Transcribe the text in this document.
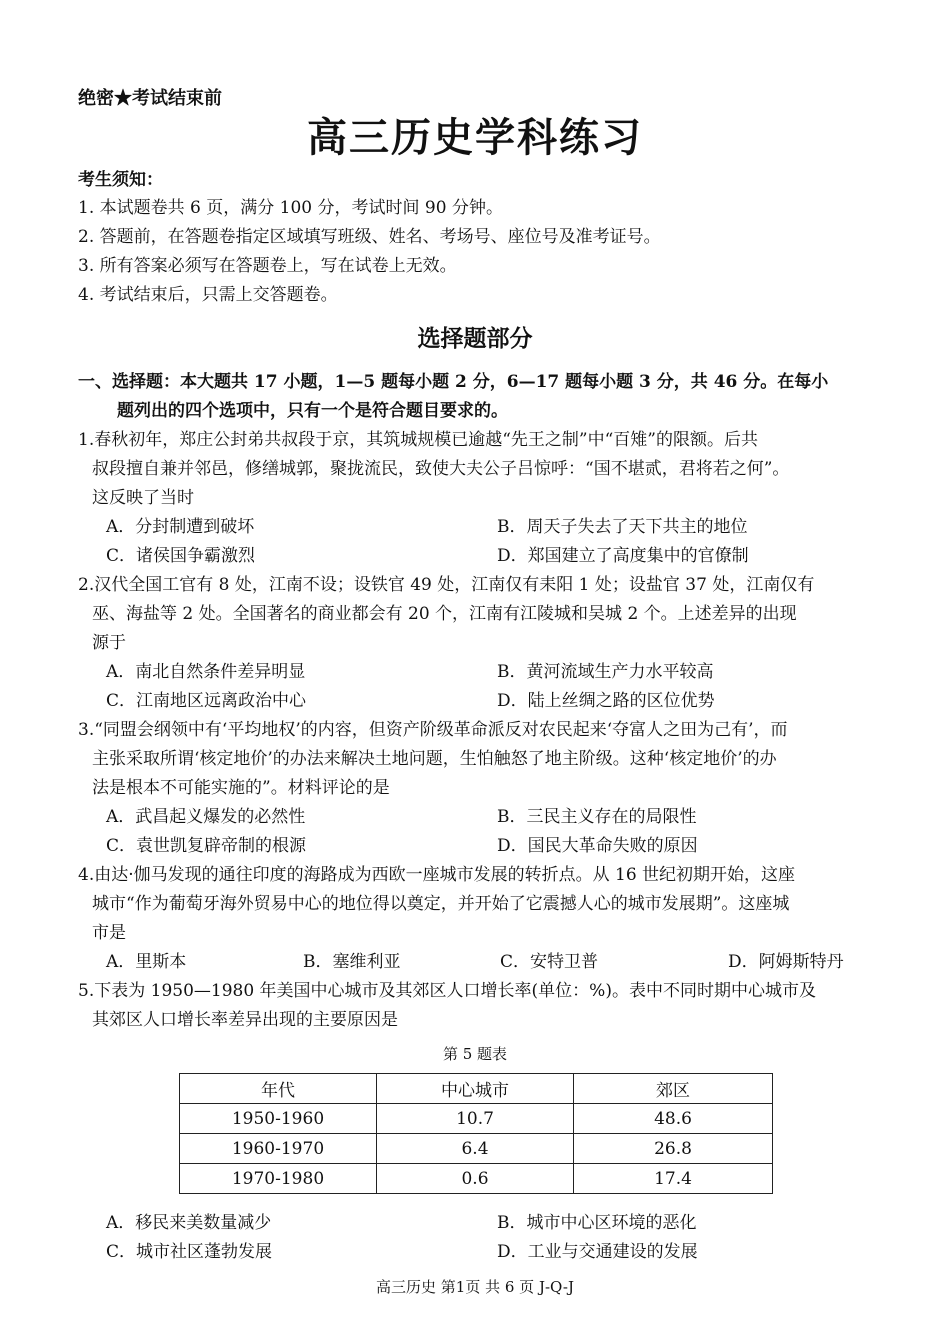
绝密★考试结束前
高三历史学科练习
考生须知：
1. 本试题卷共 6 页，满分 100 分，考试时间 90 分钟。
2. 答题前，在答题卷指定区域填写班级、姓名、考场号、座位号及准考证号。
3. 所有答案必须写在答题卷上，写在试卷上无效。
4. 考试结束后，只需上交答题卷。
选择题部分
一、选择题：本大题共 17 小题，1—5 题每小题 2 分，6—17 题每小题 3 分，共 46 分。在每小
题列出的四个选项中，只有一个是符合题目要求的。
1.春秋初年，郑庄公封弟共叔段于京，其筑城规模已逾越“先王之制”中“百雉”的限额。后共
叔段擅自兼并邻邑，修缮城郭，聚拢流民，致使大夫公子吕惊呼：“国不堪贰，君将若之何”。
这反映了当时
A．分封制遭到破坏	B．周天子失去了天下共主的地位
C．诸侯国争霸激烈	D．郑国建立了高度集中的官僚制
2.汉代全国工官有 8 处，江南不设；设铁官 49 处，江南仅有耒阳 1 处；设盐官 37 处，江南仅有
巫、海盐等 2 处。全国著名的商业都会有 20 个，江南有江陵城和吴城 2 个。上述差异的出现
源于
A．南北自然条件差异明显	B．黄河流域生产力水平较高
C．江南地区远离政治中心	D．陆上丝绸之路的区位优势
3.“同盟会纲领中有‘平均地权’的内容，但资产阶级革命派反对农民起来‘夺富人之田为己有’，而
主张采取所谓‘核定地价’的办法来解决土地问题，生怕触怒了地主阶级。这种‘核定地价’的办
法是根本不可能实施的”。材料评论的是
A．武昌起义爆发的必然性	B．三民主义存在的局限性
C．袁世凯复辟帝制的根源	D．国民大革命失败的原因
4.由达·伽马发现的通往印度的海路成为西欧一座城市发展的转折点。从 16 世纪初期开始，这座
城市“作为葡萄牙海外贸易中心的地位得以奠定，并开始了它震撼人心的城市发展期”。这座城
市是
A．里斯本	B．塞维利亚	C．安特卫普	D．阿姆斯特丹
5.下表为 1950—1980 年美国中心城市及其郊区人口增长率(单位：%)。表中不同时期中心城市及
其郊区人口增长率差异出现的主要原因是
第 5 题表
年代	中心城市	郊区
1950-1960	10.7	48.6
1960-1970	6.4	26.8
1970-1980	0.6	17.4
A．移民来美数量减少	B．城市中心区环境的恶化
C．城市社区蓬勃发展	D．工业与交通建设的发展
高三历史 第1页 共 6 页 J-Q-J
